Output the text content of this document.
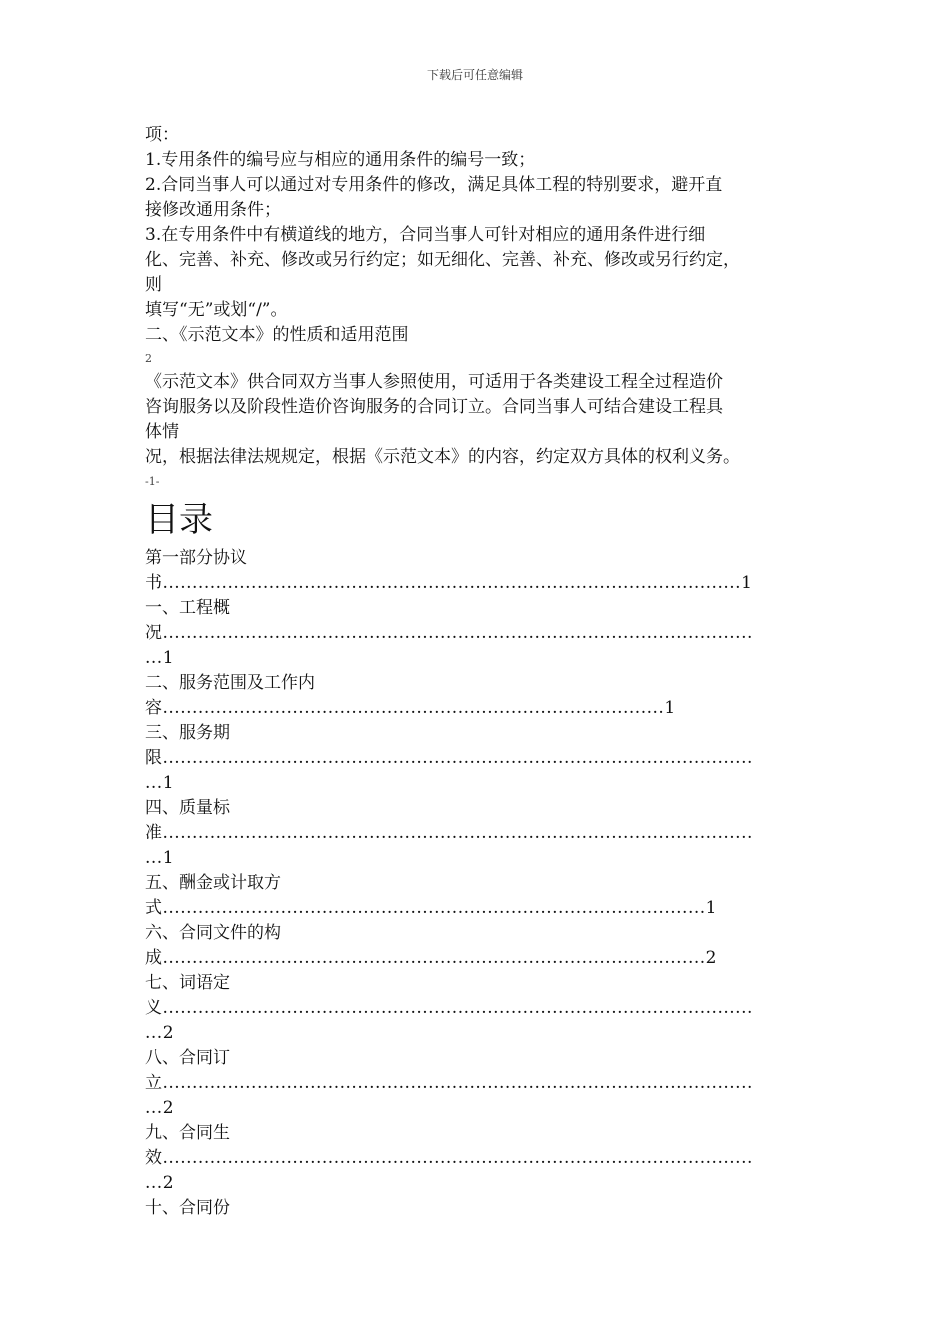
下载后可任意编辑
项：
1.专用条件的编号应与相应的通用条件的编号一致；
2.合同当事人可以通过对专用条件的修改，满足具体工程的特别要求，避开直
接修改通用条件；
3.在专用条件中有横道线的地方，合同当事人可针对相应的通用条件进行细
化、完善、补充、修改或另行约定；如无细化、完善、补充、修改或另行约定，
则
填写“无”或划“/”。
二、《示范文本》的性质和适用范围
2
《示范文本》供合同双方当事人参照使用，可适用于各类建设工程全过程造价
咨询服务以及阶段性造价咨询服务的合同订立。合同当事人可结合建设工程具
体情
况，根据法律法规规定，根据《示范文本》的内容，约定双方具体的权利义务。
-1-
目录
第一部分协议
书..................................................................................................1
一、工程概
况....................................................................................................
...1
二、服务范围及工作内
容.....................................................................................1
三、服务期
限....................................................................................................
...1
四、质量标
准....................................................................................................
...1
五、酬金或计取方
式............................................................................................1
六、合同文件的构
成............................................................................................2
七、词语定
义....................................................................................................
...2
八、合同订
立....................................................................................................
...2
九、合同生
效....................................................................................................
...2
十、合同份
